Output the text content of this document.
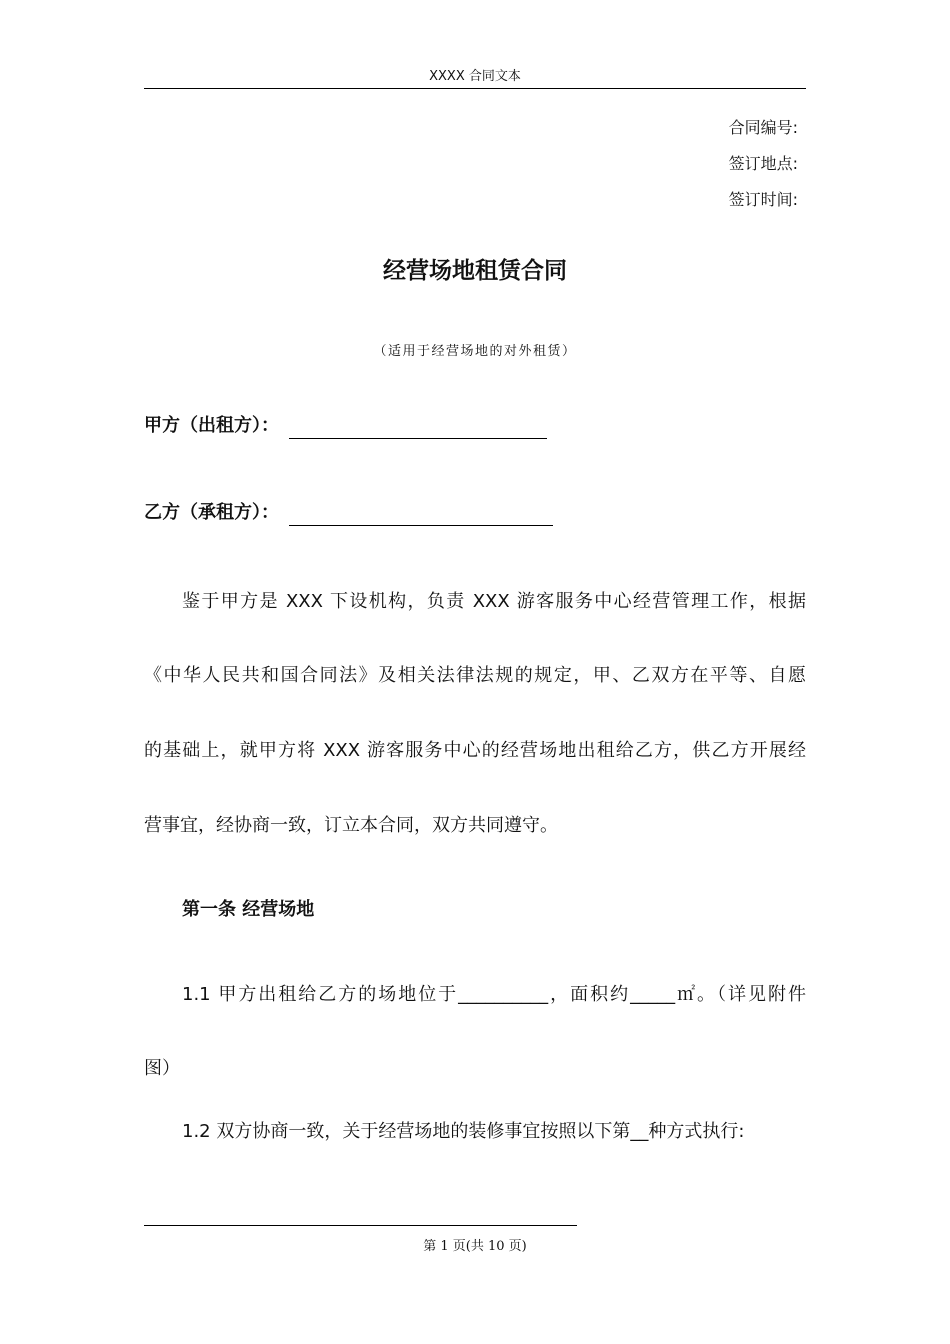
XXXX 合同文本
合同编号:
签订地点:
签订时间:
经营场地租赁合同
（适用于经营场地的对外租赁）
甲方（出租方）：
乙方（承租方）：
鉴于甲方是 XXX 下设机构，负责 XXX 游客服务中心经营管理工作，根据
《中华人民共和国合同法》及相关法律法规的规定，甲、乙双方在平等、自愿
的基础上，就甲方将 XXX 游客服务中心的经营场地出租给乙方，供乙方开展经
营事宜，经协商一致，订立本合同，双方共同遵守。
第一条 经营场地
1.1 甲方出租给乙方的场地位于__________，面积约_____㎡。（详见附件
图）
1.2 双方协商一致，关于经营场地的装修事宜按照以下第__种方式执行:
第 1 页(共 10 页)
